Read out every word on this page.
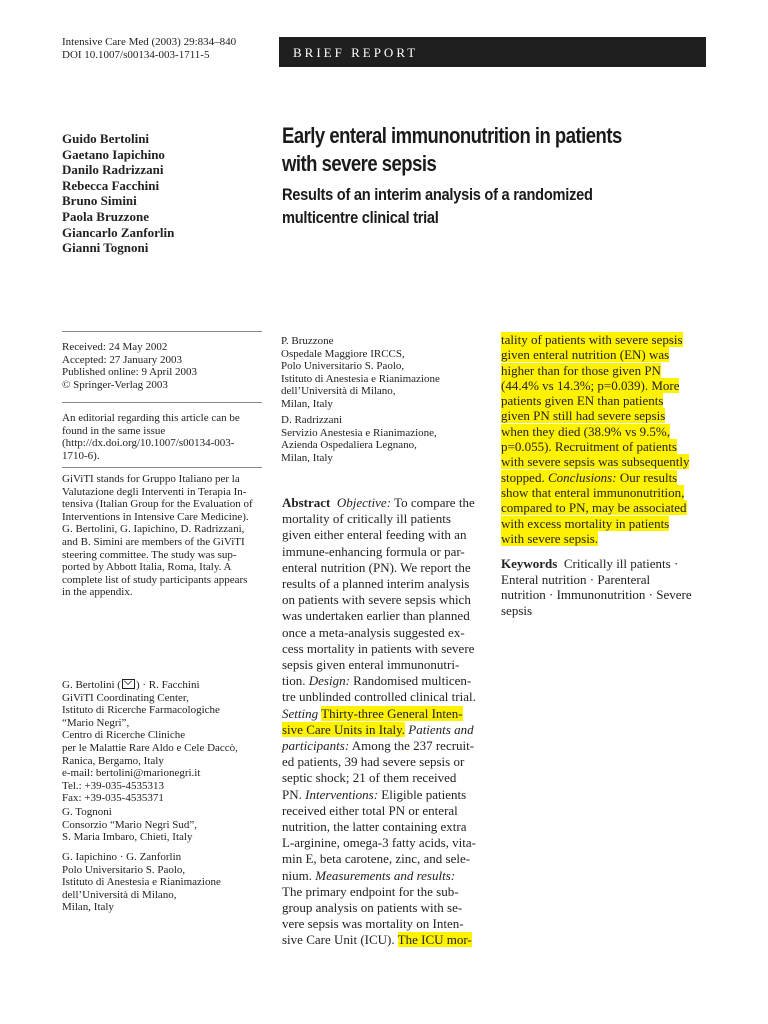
Intensive Care Med (2003) 29:834–840
DOI 10.1007/s00134-003-1711-5	BRIEF REPORT
Guido Bertolini
Gaetano Iapichino
Danilo Radrizzani
Rebecca Facchini
Bruno Simini
Paola Bruzzone
Giancarlo Zanforlin
Gianni Tognoni
Early enteral immunonutrition in patients
with severe sepsis
Results of an interim analysis of a randomized
multicentre clinical trial
Received: 24 May 2002
Accepted: 27 January 2003
Published online: 9 April 2003
© Springer-Verlag 2003
An editorial regarding this article can be
found in the same issue
(http://dx.doi.org/10.1007/s00134-003-
1710-6).
GiViTI stands for Gruppo Italiano per la
Valutazione degli Interventi in Terapia In-
tensiva (Italian Group for the Evaluation of
Interventions in Intensive Care Medicine).
G. Bertolini, G. Iapichino, D. Radrizzani,
and B. Simini are members of the GiViTI
steering committee. The study was sup-
ported by Abbott Italia, Roma, Italy. A
complete list of study participants appears
in the appendix.
G. Bertolini ( ) · R. Facchini
GiViTI Coordinating Center,
Istituto di Ricerche Farmacologiche
“Mario Negri”,
Centro di Ricerche Cliniche
per le Malattie Rare Aldo e Cele Daccò,
Ranica, Bergamo, Italy
e-mail: bertolini@marionegri.it
Tel.: +39-035-4535313
Fax: +39-035-4535371
G. Tognoni
Consorzio “Mario Negri Sud”,
S. Maria Imbaro, Chieti, Italy
G. Iapichino · G. Zanforlin
Polo Universitario S. Paolo,
Istituto di Anestesia e Rianimazione
dell’Università di Milano,
Milan, Italy
P. Bruzzone
Ospedale Maggiore IRCCS,
Polo Universitario S. Paolo,
Istituto di Anestesia e Rianimazione
dell’Università di Milano,
Milan, Italy
D. Radrizzani
Servizio Anestesia e Rianimazione,
Azienda Ospedaliera Legnano,
Milan, Italy
Abstract Objective: To compare the
mortality of critically ill patients
given either enteral feeding with an
immune-enhancing formula or par-
enteral nutrition (PN). We report the
results of a planned interim analysis
on patients with severe sepsis which
was undertaken earlier than planned
once a meta-analysis suggested ex-
cess mortality in patients with severe
sepsis given enteral immunonutri-
tion. Design: Randomised multicen-
tre unblinded controlled clinical trial.
Setting Thirty-three General Inten-
sive Care Units in Italy. Patients and
participants: Among the 237 recruit-
ed patients, 39 had severe sepsis or
septic shock; 21 of them received
PN. Interventions: Eligible patients
received either total PN or enteral
nutrition, the latter containing extra
L-arginine, omega-3 fatty acids, vita-
min E, beta carotene, zinc, and sele-
nium. Measurements and results:
The primary endpoint for the sub-
group analysis on patients with se-
vere sepsis was mortality on Inten-
sive Care Unit (ICU). The ICU mor-
tality of patients with severe sepsis
given enteral nutrition (EN) was
higher than for those given PN
(44.4% vs 14.3%; p=0.039). More
patients given EN than patients
given PN still had severe sepsis
when they died (38.9% vs 9.5%,
p=0.055). Recruitment of patients
with severe sepsis was subsequently
stopped. Conclusions: Our results
show that enteral immunonutrition,
compared to PN, may be associated
with excess mortality in patients
with severe sepsis.
Keywords Critically ill patients ·
Enteral nutrition · Parenteral
nutrition · Immunonutrition · Severe
sepsis
